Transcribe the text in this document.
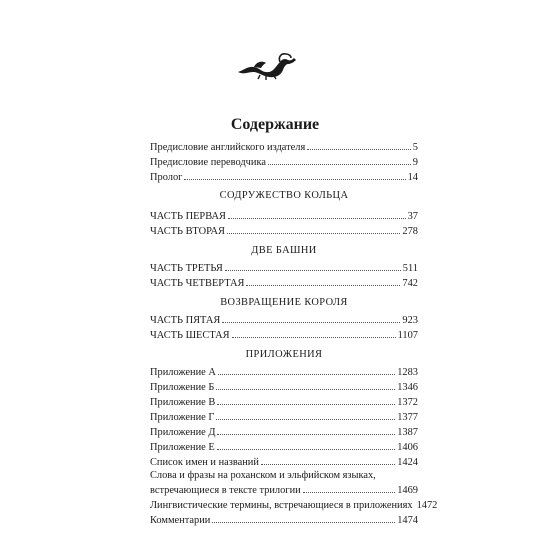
Содержание
Предисловие английского издателя	5
Предисловие переводчика	9
Пролог	14
СОДРУЖЕСТВО КОЛЬЦА
ЧАСТЬ ПЕРВАЯ	37
ЧАСТЬ ВТОРАЯ	278
ДВЕ БАШНИ
ЧАСТЬ ТРЕТЬЯ	511
ЧАСТЬ ЧЕТВЕРТАЯ	742
ВОЗВРАЩЕНИЕ КОРОЛЯ
ЧАСТЬ ПЯТАЯ	923
ЧАСТЬ ШЕСТАЯ	1107
ПРИЛОЖЕНИЯ
Приложение А	1283
Приложение Б	1346
Приложение В	1372
Приложение Г	1377
Приложение Д	1387
Приложение Е	1406
Список имен и названий	1424
Слова и фразы на роханском и эльфийском языках,
встречающиеся в тексте трилогии	1469
Лингвистические термины, встречающиеся в приложениях 1472
Комментарии	1474
